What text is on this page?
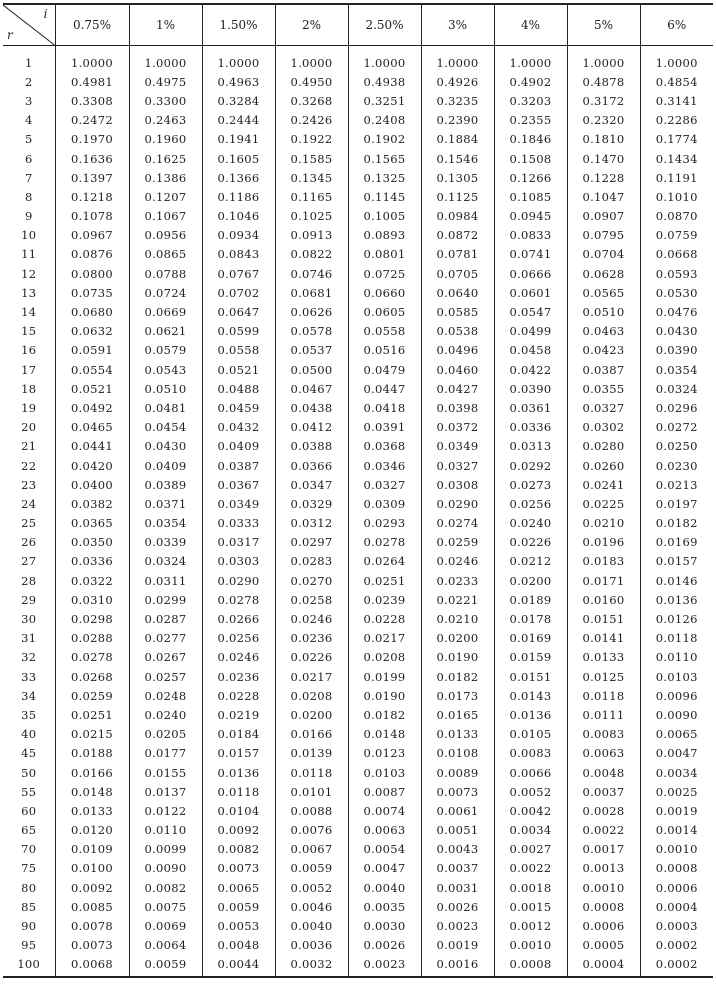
i
r	0.75%	1%	1.50%	2%	2.50%	3%	4%	5%	6%
1	1.0000	1.0000	1.0000	1.0000	1.0000	1.0000	1.0000	1.0000	1.0000
2	0.4981	0.4975	0.4963	0.4950	0.4938	0.4926	0.4902	0.4878	0.4854
3	0.3308	0.3300	0.3284	0.3268	0.3251	0.3235	0.3203	0.3172	0.3141
4	0.2472	0.2463	0.2444	0.2426	0.2408	0.2390	0.2355	0.2320	0.2286
5	0.1970	0.1960	0.1941	0.1922	0.1902	0.1884	0.1846	0.1810	0.1774
6	0.1636	0.1625	0.1605	0.1585	0.1565	0.1546	0.1508	0.1470	0.1434
7	0.1397	0.1386	0.1366	0.1345	0.1325	0.1305	0.1266	0.1228	0.1191
8	0.1218	0.1207	0.1186	0.1165	0.1145	0.1125	0.1085	0.1047	0.1010
9	0.1078	0.1067	0.1046	0.1025	0.1005	0.0984	0.0945	0.0907	0.0870
10	0.0967	0.0956	0.0934	0.0913	0.0893	0.0872	0.0833	0.0795	0.0759
11	0.0876	0.0865	0.0843	0.0822	0.0801	0.0781	0.0741	0.0704	0.0668
12	0.0800	0.0788	0.0767	0.0746	0.0725	0.0705	0.0666	0.0628	0.0593
13	0.0735	0.0724	0.0702	0.0681	0.0660	0.0640	0.0601	0.0565	0.0530
14	0.0680	0.0669	0.0647	0.0626	0.0605	0.0585	0.0547	0.0510	0.0476
15	0.0632	0.0621	0.0599	0.0578	0.0558	0.0538	0.0499	0.0463	0.0430
16	0.0591	0.0579	0.0558	0.0537	0.0516	0.0496	0.0458	0.0423	0.0390
17	0.0554	0.0543	0.0521	0.0500	0.0479	0.0460	0.0422	0.0387	0.0354
18	0.0521	0.0510	0.0488	0.0467	0.0447	0.0427	0.0390	0.0355	0.0324
19	0.0492	0.0481	0.0459	0.0438	0.0418	0.0398	0.0361	0.0327	0.0296
20	0.0465	0.0454	0.0432	0.0412	0.0391	0.0372	0.0336	0.0302	0.0272
21	0.0441	0.0430	0.0409	0.0388	0.0368	0.0349	0.0313	0.0280	0.0250
22	0.0420	0.0409	0.0387	0.0366	0.0346	0.0327	0.0292	0.0260	0.0230
23	0.0400	0.0389	0.0367	0.0347	0.0327	0.0308	0.0273	0.0241	0.0213
24	0.0382	0.0371	0.0349	0.0329	0.0309	0.0290	0.0256	0.0225	0.0197
25	0.0365	0.0354	0.0333	0.0312	0.0293	0.0274	0.0240	0.0210	0.0182
26	0.0350	0.0339	0.0317	0.0297	0.0278	0.0259	0.0226	0.0196	0.0169
27	0.0336	0.0324	0.0303	0.0283	0.0264	0.0246	0.0212	0.0183	0.0157
28	0.0322	0.0311	0.0290	0.0270	0.0251	0.0233	0.0200	0.0171	0.0146
29	0.0310	0.0299	0.0278	0.0258	0.0239	0.0221	0.0189	0.0160	0.0136
30	0.0298	0.0287	0.0266	0.0246	0.0228	0.0210	0.0178	0.0151	0.0126
31	0.0288	0.0277	0.0256	0.0236	0.0217	0.0200	0.0169	0.0141	0.0118
32	0.0278	0.0267	0.0246	0.0226	0.0208	0.0190	0.0159	0.0133	0.0110
33	0.0268	0.0257	0.0236	0.0217	0.0199	0.0182	0.0151	0.0125	0.0103
34	0.0259	0.0248	0.0228	0.0208	0.0190	0.0173	0.0143	0.0118	0.0096
35	0.0251	0.0240	0.0219	0.0200	0.0182	0.0165	0.0136	0.0111	0.0090
40	0.0215	0.0205	0.0184	0.0166	0.0148	0.0133	0.0105	0.0083	0.0065
45	0.0188	0.0177	0.0157	0.0139	0.0123	0.0108	0.0083	0.0063	0.0047
50	0.0166	0.0155	0.0136	0.0118	0.0103	0.0089	0.0066	0.0048	0.0034
55	0.0148	0.0137	0.0118	0.0101	0.0087	0.0073	0.0052	0.0037	0.0025
60	0.0133	0.0122	0.0104	0.0088	0.0074	0.0061	0.0042	0.0028	0.0019
65	0.0120	0.0110	0.0092	0.0076	0.0063	0.0051	0.0034	0.0022	0.0014
70	0.0109	0.0099	0.0082	0.0067	0.0054	0.0043	0.0027	0.0017	0.0010
75	0.0100	0.0090	0.0073	0.0059	0.0047	0.0037	0.0022	0.0013	0.0008
80	0.0092	0.0082	0.0065	0.0052	0.0040	0.0031	0.0018	0.0010	0.0006
85	0.0085	0.0075	0.0059	0.0046	0.0035	0.0026	0.0015	0.0008	0.0004
90	0.0078	0.0069	0.0053	0.0040	0.0030	0.0023	0.0012	0.0006	0.0003
95	0.0073	0.0064	0.0048	0.0036	0.0026	0.0019	0.0010	0.0005	0.0002
100	0.0068	0.0059	0.0044	0.0032	0.0023	0.0016	0.0008	0.0004	0.0002
